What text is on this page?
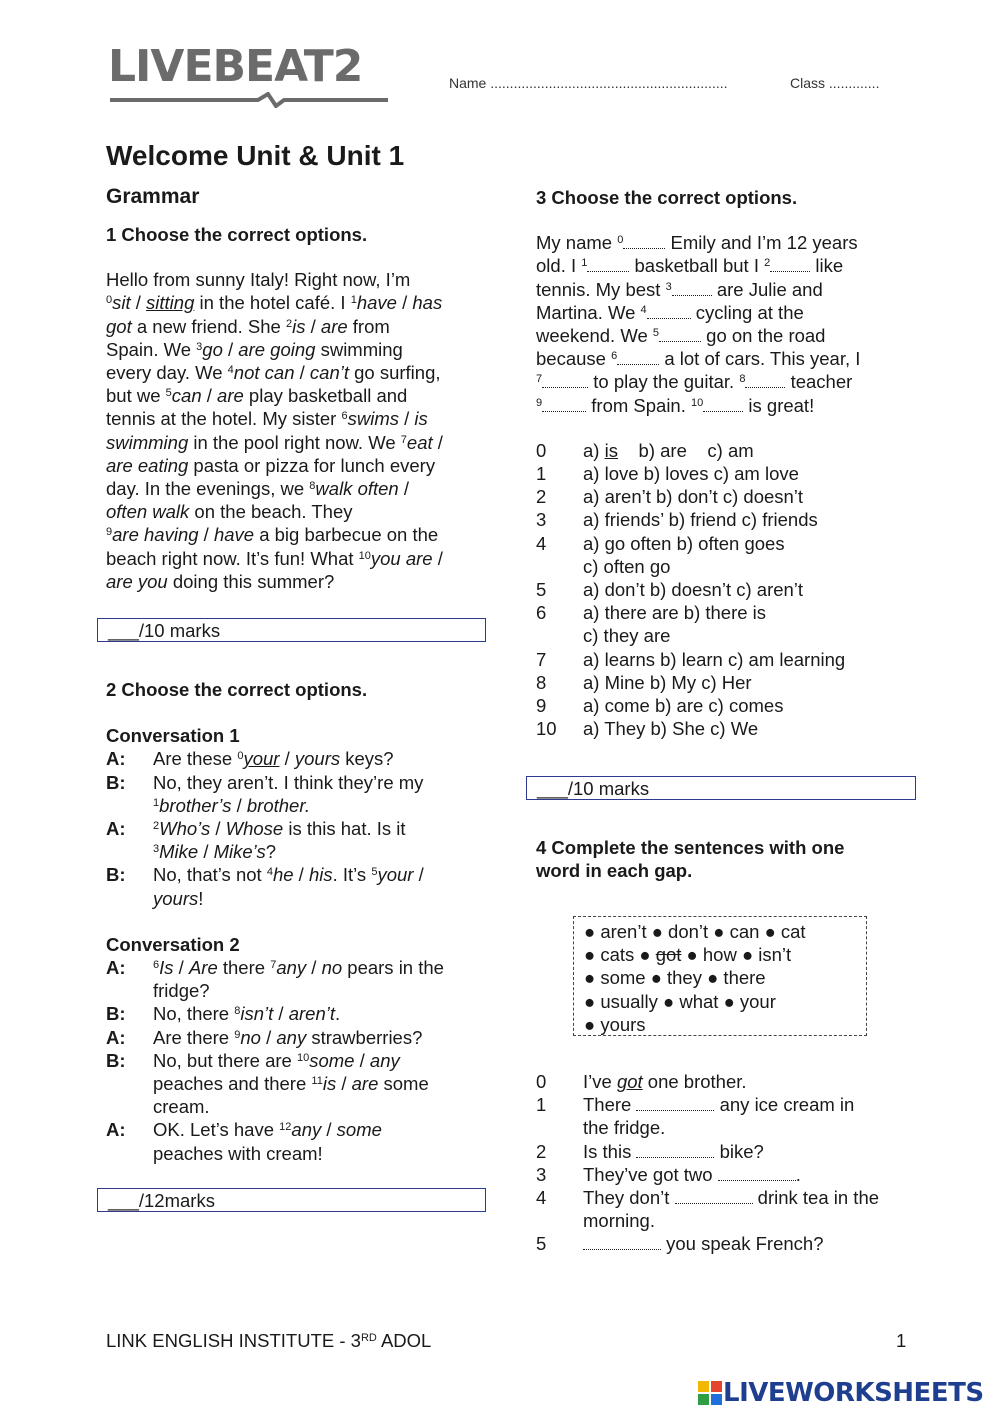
LIVEBEAT2	Name .............................................................	Class .............
Welcome Unit & Unit 1
Grammar
1 Choose the correct options.
Hello from sunny Italy! Right now, I’m
$^0$sit / sitting in the hotel café. I $^1$have / has
got a new friend. She $^2$is / are from
Spain. We $^3$go / are going swimming
every day. We $^4$not can / can’t go surfing,
but we $^5$can / are play basketball and
tennis at the hotel. My sister $^6$swims / is
swimming in the pool right now. We $^7$eat /
are eating pasta or pizza for lunch every
day. In the evenings, we $^8$walk often /
often walk on the beach. They
$^9$are having / have a big barbecue on the
beach right now. It’s fun! What $^{10}$you are /
are you doing this summer?
___/10 marks
2 Choose the correct options.
Conversation 1
A:	Are these $^0$your / yours keys?
B:	No, they aren’t. I think they’re my
$^1$brother’s / brother.
A:	$^2$Who’s / Whose is this hat. Is it
$^3$Mike / Mike’s?
B:	No, that’s not $^4$he / his. It’s $^5$your /
yours!
Conversation 2
A:	$^6$Is / Are there $^7$any / no pears in the
fridge?
B:	No, there $^8$isn’t / aren’t.
A:	Are there $^9$no / any strawberries?
B:	No, but there are $^{10}$some / any
peaches and there $^{11}$is / are some
cream.
A:	OK. Let’s have $^{12}$any / some
peaches with cream!
___/12marks
3 Choose the correct options.
My name $^0$ Emily and I’m 12 years
old. I $^1$ basketball but I $^2$ like
tennis. My best $^3$ are Julie and
Martina. We $^4$ cycling at the
weekend. We $^5$ go on the road
because $^6$ a lot of cars. This year, I
$^7$ to play the guitar. $^8$ teacher
$^9$ from Spain. $^{10}$ is great!
0	a) is    b) are    c) am
1	a) love b) loves c) am love
2	a) aren’t b) don’t c) doesn’t
3	a) friends’ b) friend c) friends
4	a) go often b) often goes
c) often go
5	a) don’t b) doesn’t c) aren’t
6	a) there are b) there is
c) they are
7	a) learns b) learn c) am learning
8	a) Mine b) My c) Her
9	a) come b) are c) comes
10	a) They b) She c) We
___/10 marks
4 Complete the sentences with one
word in each gap.
● aren’t ● don’t ● can ● cat
● cats ● got ● how ● isn’t
● some ● they ● there
● usually ● what ● your
● yours
0	I’ve got one brother.
1	There	any ice cream in
the fridge.
2	Is this	bike?
3	They’ve got two	.
4	They don’t	drink tea in the
morning.
5	you speak French?
LINK ENGLISH INSTITUTE - 3RD ADOL	1
LIVEWORKSHEETS
